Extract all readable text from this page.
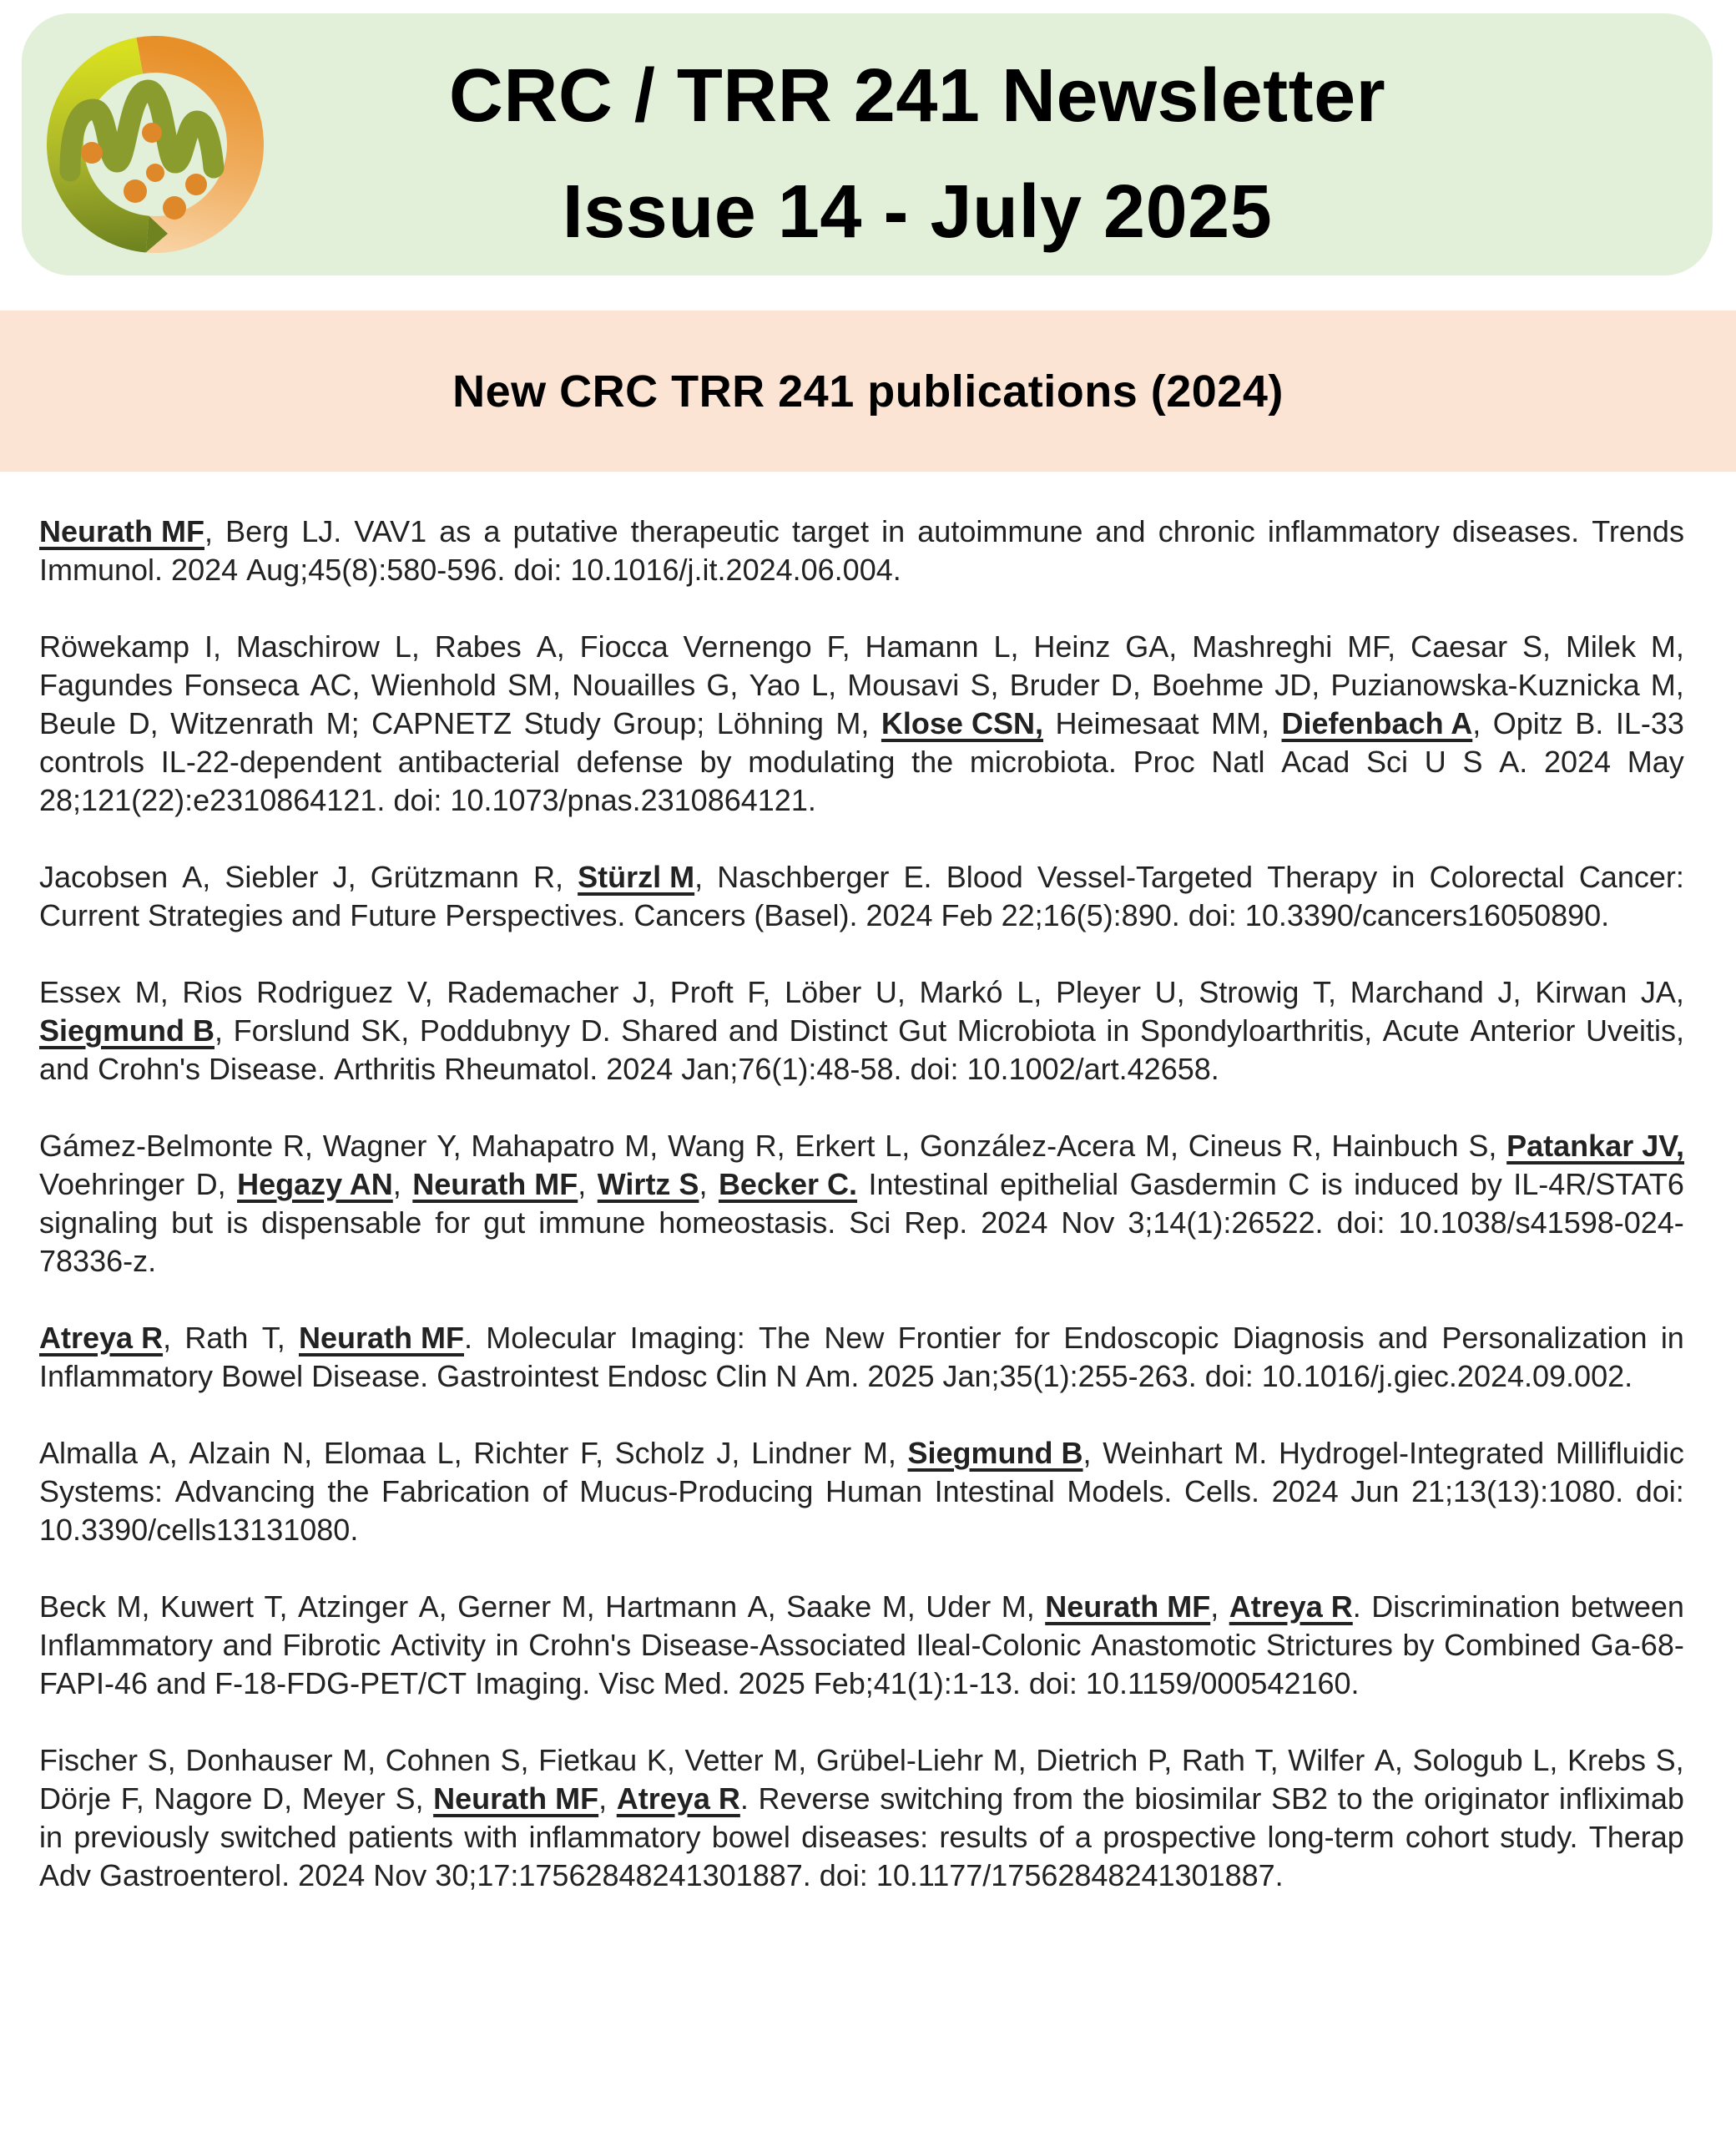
CRC / TRR 241 Newsletter
Issue 14 - July 2025
New CRC TRR 241 publications (2024)

Neurath MF, Berg LJ. VAV1 as a putative therapeutic target in autoimmune and chronic inflammatory diseases. Trends
Immunol. 2024 Aug;45(8):580-596. doi: 10.1016/j.it.2024.06.004.

Röwekamp I, Maschirow L, Rabes A, Fiocca Vernengo F, Hamann L, Heinz GA, Mashreghi MF, Caesar S, Milek M,
Fagundes Fonseca AC, Wienhold SM, Nouailles G, Yao L, Mousavi S, Bruder D, Boehme JD, Puzianowska-Kuznicka M,
Beule D, Witzenrath M; CAPNETZ Study Group; Löhning M, Klose CSN, Heimesaat MM, Diefenbach A, Opitz B. IL-33
controls IL-22-dependent antibacterial defense by modulating the microbiota. Proc Natl Acad Sci U S A. 2024 May
28;121(22):e2310864121. doi: 10.1073/pnas.2310864121.

Jacobsen A, Siebler J, Grützmann R, Stürzl M, Naschberger E. Blood Vessel-Targeted Therapy in Colorectal Cancer:
Current Strategies and Future Perspectives. Cancers (Basel). 2024 Feb 22;16(5):890. doi: 10.3390/cancers16050890.

Essex M, Rios Rodriguez V, Rademacher J, Proft F, Löber U, Markó L, Pleyer U, Strowig T, Marchand J, Kirwan JA,
Siegmund B, Forslund SK, Poddubnyy D. Shared and Distinct Gut Microbiota in Spondyloarthritis, Acute Anterior Uveitis,
and Crohn's Disease. Arthritis Rheumatol. 2024 Jan;76(1):48-58. doi: 10.1002/art.42658.

Gámez-Belmonte R, Wagner Y, Mahapatro M, Wang R, Erkert L, González-Acera M, Cineus R, Hainbuch S, Patankar JV,
Voehringer D, Hegazy AN, Neurath MF, Wirtz S, Becker C. Intestinal epithelial Gasdermin C is induced by IL-4R/STAT6
signaling but is dispensable for gut immune homeostasis. Sci Rep. 2024 Nov 3;14(1):26522. doi: 10.1038/s41598-024-
78336-z.

Atreya R, Rath T, Neurath MF. Molecular Imaging: The New Frontier for Endoscopic Diagnosis and Personalization in
Inflammatory Bowel Disease. Gastrointest Endosc Clin N Am. 2025 Jan;35(1):255-263. doi: 10.1016/j.giec.2024.09.002.

Almalla A, Alzain N, Elomaa L, Richter F, Scholz J, Lindner M, Siegmund B, Weinhart M. Hydrogel-Integrated Millifluidic
Systems: Advancing the Fabrication of Mucus-Producing Human Intestinal Models. Cells. 2024 Jun 21;13(13):1080. doi:
10.3390/cells13131080.

Beck M, Kuwert T, Atzinger A, Gerner M, Hartmann A, Saake M, Uder M, Neurath MF, Atreya R. Discrimination between
Inflammatory and Fibrotic Activity in Crohn's Disease-Associated Ileal-Colonic Anastomotic Strictures by Combined Ga-68-
FAPI-46 and F-18-FDG-PET/CT Imaging. Visc Med. 2025 Feb;41(1):1-13. doi: 10.1159/000542160.

Fischer S, Donhauser M, Cohnen S, Fietkau K, Vetter M, Grübel-Liehr M, Dietrich P, Rath T, Wilfer A, Sologub L, Krebs S,
Dörje F, Nagore D, Meyer S, Neurath MF, Atreya R. Reverse switching from the biosimilar SB2 to the originator infliximab
in previously switched patients with inflammatory bowel diseases: results of a prospective long-term cohort study. Therap
Adv Gastroenterol. 2024 Nov 30;17:17562848241301887. doi: 10.1177/17562848241301887.
